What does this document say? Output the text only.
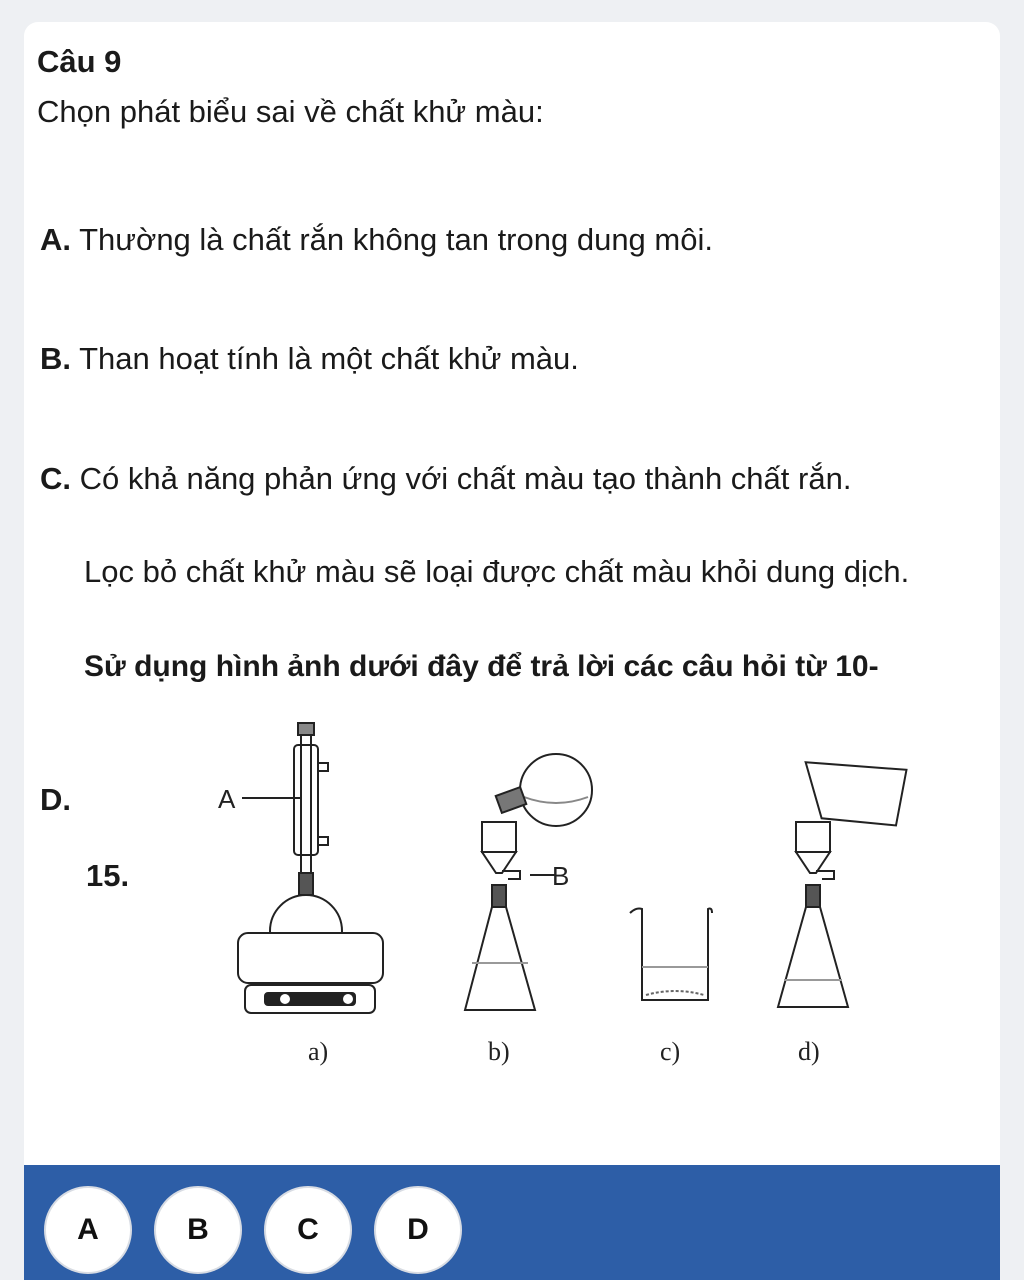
Câu 9
Chọn phát biểu sai về chất khử màu:
A. Thường là chất rắn không tan trong dung môi.
B. Than hoạt tính là một chất khử màu.
C. Có khả năng phản ứng với chất màu tạo thành chất rắn.
Lọc bỏ chất khử màu sẽ loại được chất màu khỏi dung dịch.
Sử dụng hình ảnh dưới đây để trả lời các câu hỏi từ 10-
D.
15.
A
B
a)	b)	c)	d)
A	B	C	D
